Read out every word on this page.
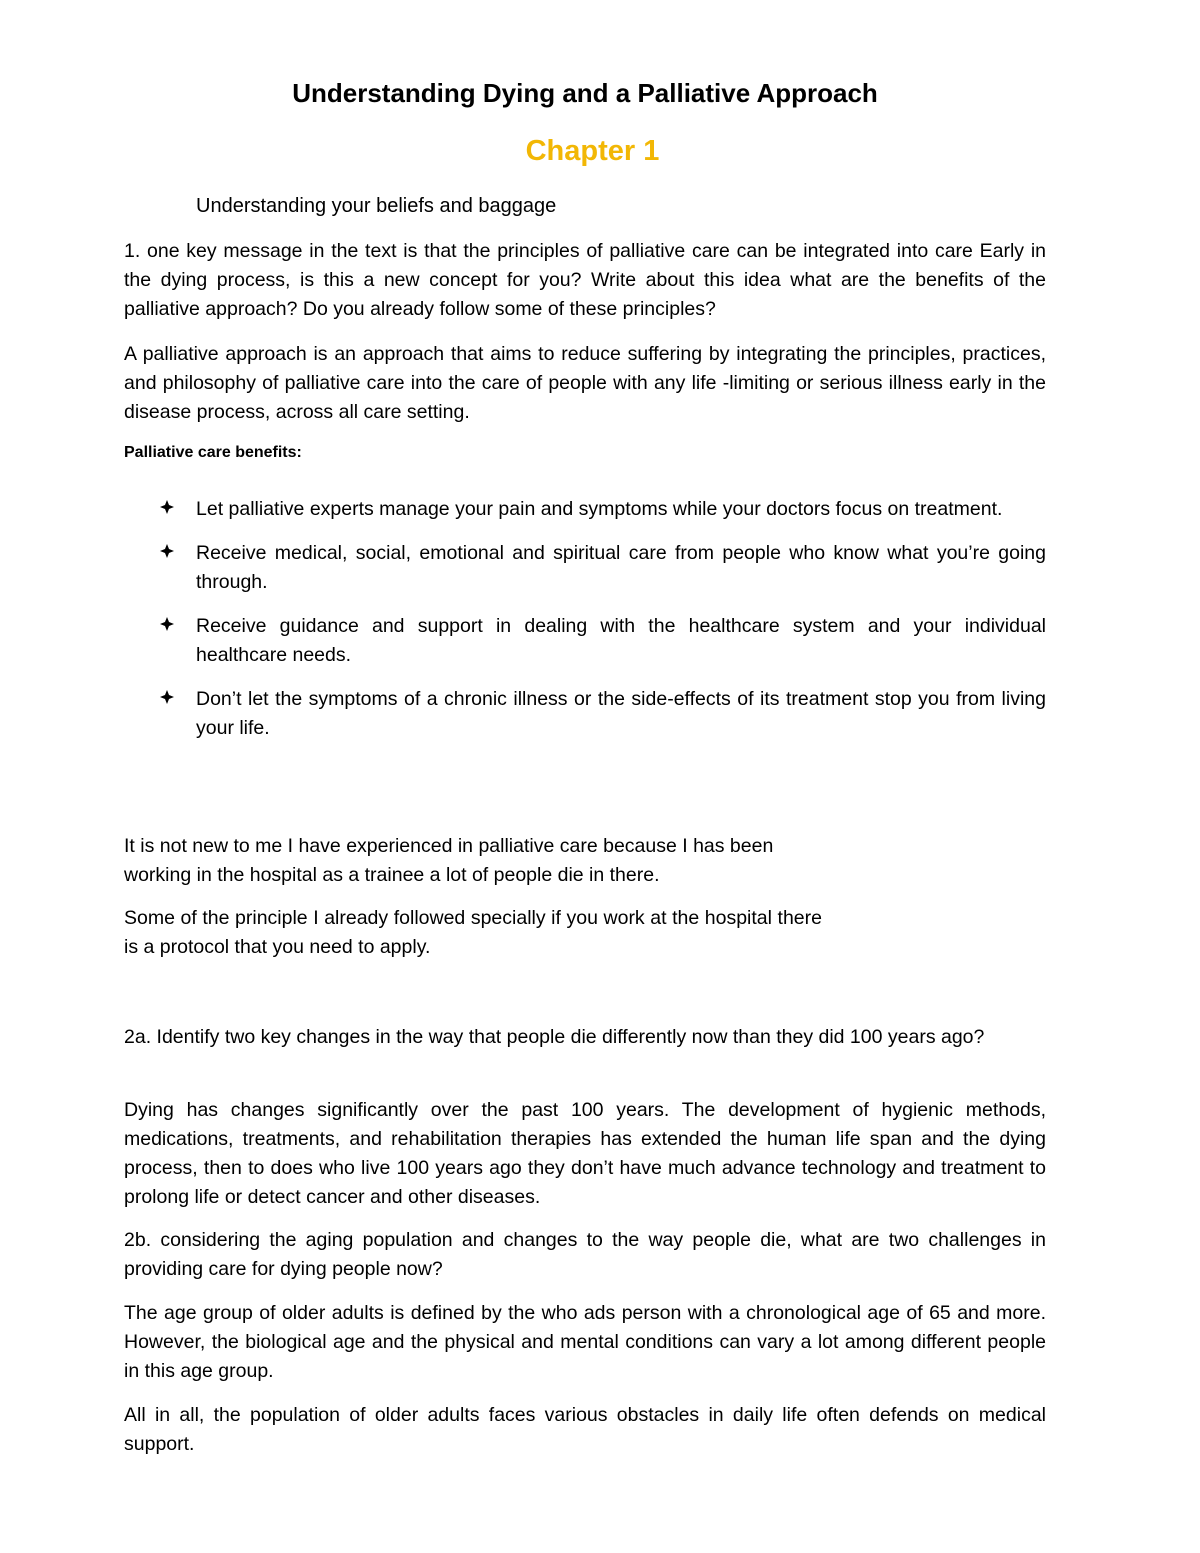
Understanding Dying and a Palliative Approach
Chapter 1
Understanding your beliefs and baggage
1. one key message in the text is that the principles of palliative care can be integrated into care Early in the dying process, is this a new concept for you? Write about this idea what are the benefits of the palliative approach? Do you already follow some of these principles?
A palliative approach is an approach that aims to reduce suffering by integrating the principles, practices, and philosophy of palliative care into the care of people with any life -limiting or serious illness early in the disease process, across all care setting.
Palliative care benefits:
Let palliative experts manage your pain and symptoms while your doctors focus on treatment.
Receive medical, social, emotional and spiritual care from people who know what you’re going through.
Receive guidance and support in dealing with the healthcare system and your individual healthcare needs.
Don’t let the symptoms of a chronic illness or the side-effects of its treatment stop you from living your life.
It is not new to me I have experienced in palliative care because I has been working in the hospital as a trainee a lot of people die in there.
Some of the principle I already followed specially if you work at the hospital there is a protocol that you need to apply.
2a. Identify two key changes in the way that people die differently now than they did 100 years ago?
Dying has changes significantly over the past 100 years. The development of hygienic methods, medications, treatments, and rehabilitation therapies has extended the human life span and the dying process, then to does who live 100 years ago they don’t have much advance technology and treatment to prolong life or detect cancer and other diseases.
2b. considering the aging population and changes to the way people die, what are two challenges in providing care for dying people now?
The age group of older adults is defined by the who ads person with a chronological age of 65 and more. However, the biological age and the physical and mental conditions can vary a lot among different people in this age group.
All in all, the population of older adults faces various obstacles in daily life often defends on medical support.
